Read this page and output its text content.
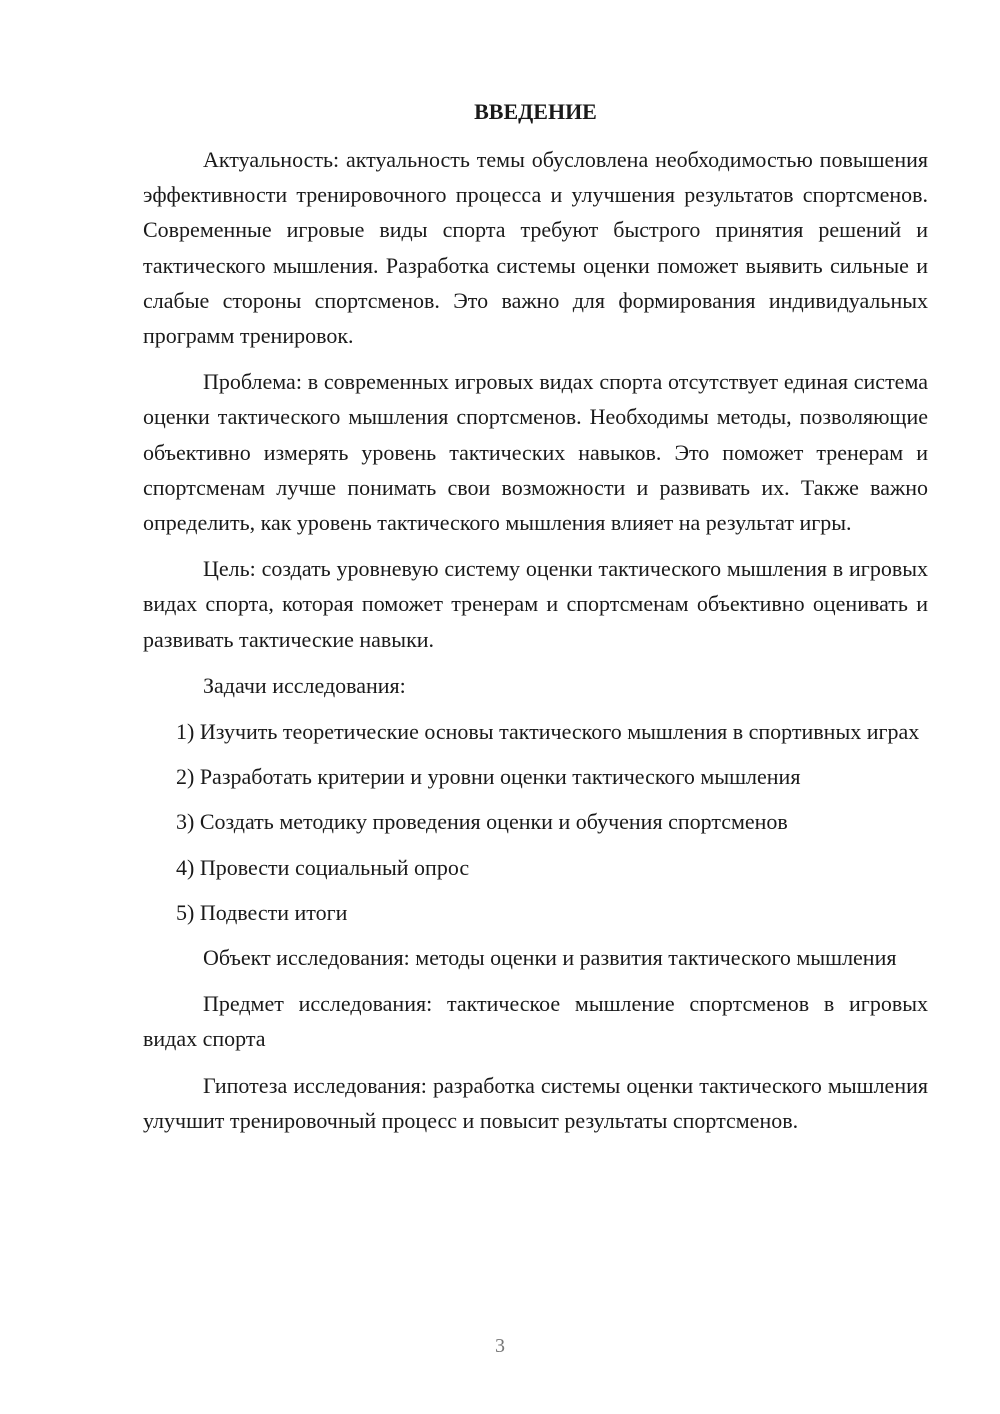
ВВЕДЕНИЕ

Актуальность: актуальность темы обусловлена необходимостью повышения эффективности тренировочного процесса и улучшения результатов спортсменов. Современные игровые виды спорта требуют быстрого принятия решений и тактического мышления. Разработка системы оценки поможет выявить сильные и слабые стороны спортсменов. Это важно для формирования индивидуальных программ тренировок.

Проблема: в современных игровых видах спорта отсутствует единая система оценки тактического мышления спортсменов. Необходимы методы, позволяющие объективно измерять уровень тактических навыков. Это поможет тренерам и спортсменам лучше понимать свои возможности и развивать их. Также важно определить, как уровень тактического мышления влияет на результат игры.

Цель: создать уровневую систему оценки тактического мышления в игровых видах спорта, которая поможет тренерам и спортсменам объективно оценивать и развивать тактические навыки.

Задачи исследования:

1) Изучить теоретические основы тактического мышления в спортивных играх

2) Разработать критерии и уровни оценки тактического мышления

3) Создать методику проведения оценки и обучения спортсменов

4) Провести социальный опрос

5) Подвести итоги

Объект исследования: методы оценки и развития тактического мышления

Предмет исследования: тактическое мышление спортсменов в игровых видах спорта

Гипотеза исследования: разработка системы оценки тактического мышления улучшит тренировочный процесс и повысит результаты спортсменов.

3
